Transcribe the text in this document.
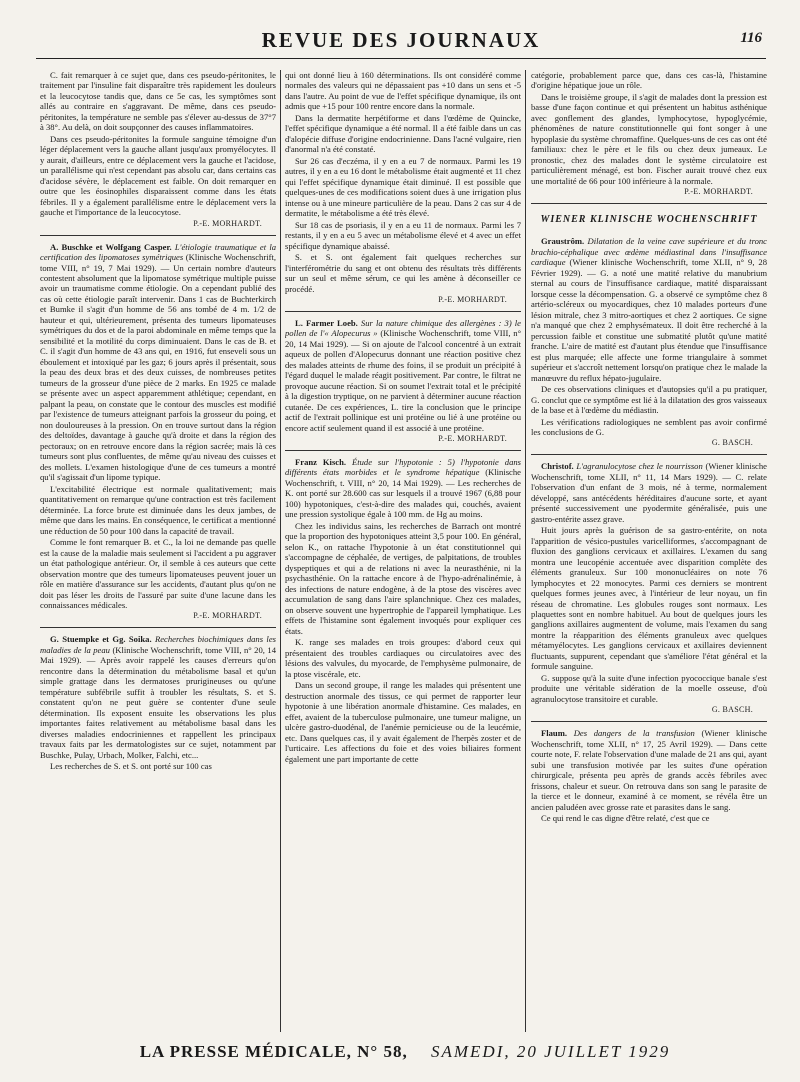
REVUE DES JOURNAUX	116

C. fait remarquer à ce sujet que, dans ces pseudo-péritonites, le traitement par l'insuline fait disparaître très rapidement les douleurs et la leucocytose tandis que, dans ce 5e cas, les symptômes sont allés au contraire en s'aggravant. De même, dans ces pseudo-péritonites, la température ne semble pas s'élever au-dessus de 37°7 à 38°. Au delà, on doit soupçonner des causes inflammatoires.

Dans ces pseudo-péritonites la formule sanguine témoigne d'un léger déplacement vers la gauche allant jusqu'aux promyélocytes. Il y aurait, d'ailleurs, entre ce déplacement vers la gauche et l'acidose, un parallélisme qui n'est cependant pas absolu car, dans certains cas d'acidose sévère, le déplacement est faible. On doit remarquer en outre que les éosinophiles disparaissent comme dans les états fébriles. Il y a également parallélisme entre le déplacement vers la gauche et l'importance de la leucocytose.

P.-E. MORHARDT.

A. Buschke et Wolfgang Casper. L'étiologie traumatique et la certification des lipomatoses symétriques (Klinische Wochenschrift, tome VIII, n° 19, 7 Mai 1929). — Un certain nombre d'auteurs contestent absolument que la lipomatose symétrique multiple puisse avoir un traumatisme comme étiologie. On a cependant publié des cas où cette étiologie paraît intervenir. Dans 1 cas de Buchterkirch et Bumke il s'agit d'un homme de 56 ans tombé de 4 m. 1/2 de hauteur et qui, ultérieurement, présenta des tumeurs lipomateuses symétriques du dos et de la paroi abdominale en même temps que la sensibilité et la motilité du corps diminuaient. Dans le cas de B. et C. il s'agit d'un homme de 43 ans qui, en 1916, fut enseveli sous un éboulement et intoxiqué par les gaz; 6 jours après il présentait, sous la peau des deux bras et des deux cuisses, de nombreuses petites tumeurs de la grosseur d'une pièce de 2 marks. En 1925 ce malade se présente avec un aspect apparemment athlétique; cependant, en palpant la peau, on constate que le contour des muscles est modifié par l'existence de tumeurs atteignant parfois la grosseur du poing, et non douloureuses à la pression. On en trouve surtout dans la région des deltoïdes, davantage à gauche qu'à droite et dans la région des pectoraux; on en retrouve encore dans la région sacrée; mais là ces tumeurs sont plus confluentes, de même qu'au niveau des cuisses et des mollets. L'examen histologique d'une de ces tumeurs a montré qu'il s'agissait d'un lipome typique.

L'excitabilité électrique est normale qualitativement; mais quantitativement on remarque qu'une contraction est très facilement déterminée. La force brute est diminuée dans les deux jambes, de même que dans les mains. En conséquence, le certificat a mentionné une réduction de 50 pour 100 dans la capacité de travail.

Comme le font remarquer B. et C., la loi ne demande pas quelle est la cause de la maladie mais seulement si l'accident a pu aggraver un état pathologique antérieur. Or, il semble à ces auteurs que cette observation montre que des tumeurs lipomateuses peuvent jouer un rôle en matière d'assurance sur les accidents, d'autant plus qu'on ne doit pas léser les droits de l'assuré par suite d'une lacune dans les connaissances médicales.

P.-E. MORHARDT.

G. Stuempke et Gg. Soika. Recherches biochimiques dans les maladies de la peau (Klinische Wochenschrift, tome VIII, n° 20, 14 Mai 1929). — Après avoir rappelé les causes d'erreurs qu'on rencontre dans la détermination du métabolisme basal et qu'un simple grattage dans les dermatoses prurigineuses ou qu'une température subfébrile suffit à troubler les résultats, S. et S. constatent qu'on ne peut guère se contenter d'une seule détermination. Ils exposent ensuite les observations les plus importantes faites relativement au métabolisme basal dans les diverses maladies endocriniennes et rappellent les principaux travaux faits par les dermatologistes sur ce sujet, notamment par Buschke, Pulay, Urbach, Molker, Falchi, etc...

Les recherches de S. et S. ont porté sur 100 cas

qui ont donné lieu à 160 déterminations. Ils ont considéré comme normales des valeurs qui ne dépassaient pas +10 dans un sens et -5 dans l'autre. Au point de vue de l'effet spécifique dynamique, ils ont admis que +15 pour 100 rentre encore dans la normale.

Dans la dermatite herpétiforme et dans l'œdème de Quincke, l'effet spécifique dynamique a été normal. Il a été faible dans un cas d'alopécie diffuse d'origine endocrinienne. Dans l'acné vulgaire, rien d'anormal n'a été constaté.

Sur 26 cas d'eczéma, il y en a eu 7 de normaux. Parmi les 19 autres, il y en a eu 16 dont le métabolisme était augmenté et 11 chez qui l'effet spécifique dynamique était diminué. Il est possible que quelques-unes de ces modifications soient dues à une irrigation plus intense ou à une mineure particulière de la peau. Dans 2 cas sur 4 de dermatite, le métabolisme a été très élevé.

Sur 18 cas de psoriasis, il y en a eu 11 de normaux. Parmi les 7 restants, il y en a eu 5 avec un métabolisme élevé et 4 avec un effet spécifique dynamique abaissé.

S. et S. ont également fait quelques recherches sur l'interférométrie du sang et ont obtenu des résultats très différents sur un seul et même sérum, ce qui les amène à déconseiller ce procédé.

P.-E. MORHARDT.

L. Farmer Loeb. Sur la nature chimique des allergènes : 3) le pollen de l'« Alopecurus » (Klinische Wochenschrift, tome VIII, n° 20, 14 Mai 1929). — Si on ajoute de l'alcool concentré à un extrait aqueux de pollen d'Alopecurus donnant une réaction positive chez des malades atteints de rhume des foins, il se produit un précipité à l'égard duquel le malade réagit positivement. Par contre, le filtrat ne provoque aucune réaction. Si on soumet l'extrait total et le précipité à la digestion tryptique, on ne parvient à déterminer aucune réaction cutanée. De ces expériences, L. tire la conclusion que le principe actif de l'extrait pollinique est uni protéine ou lié à une protéine ou encore actif seulement quand il est associé à une protéine.

P.-E. MORHARDT.

Franz Kisch. Étude sur l'hypotonie : 5) l'hypotonie dans différents états morbides et le syndrome hépatique (Klinische Wochenschrift, t. VIII, n° 20, 14 Mai 1929). — Les recherches de K. ont porté sur 28.600 cas sur lesquels il a trouvé 1967 (6,88 pour 100) hypotoniques, c'est-à-dire des malades qui, couchés, avaient une pression systolique égale à 100 mm. de Hg au moins.

Chez les individus sains, les recherches de Barrach ont montré que la proportion des hypotoniques atteint 3,5 pour 100. En général, selon K., on rattache l'hypotonie à un état constitutionnel qui s'accompagne de céphalée, de vertiges, de palpitations, de troubles dyspeptiques et qui a de relations ni avec la neurasthénie, ni la psychasthénie. On la rattache encore à de l'hypo-adrénalinémie, à des infections de nature endogène, à de la ptose des viscères avec accumulation de sang dans l'aire splanchnique. Chez ces malades, on observe souvent une hypertrophie de l'appareil lymphatique. Les effets de l'histamine sont également invoqués pour expliquer ces états.

K. range ses malades en trois groupes: d'abord ceux qui présentaient des troubles cardiaques ou circulatoires avec des lésions des valvules, du myocarde, de l'emphysème pulmonaire, de la ptose viscérale, etc.

Dans un second groupe, il range les malades qui présentent une destruction anormale des tissus, ce qui permet de rapporter leur hypotonie à une libération anormale d'histamine. Ces malades, en effet, avaient de la tuberculose pulmonaire, une tumeur maligne, un ulcère gastro-duodénal, de l'anémie pernicieuse ou de la leucémie, etc. Dans quelques cas, il y avait également de l'herpès zoster et de l'urticaire. Les affections du foie et des voies biliaires forment également une part importante de cette

catégorie, probablement parce que, dans ces cas-là, l'histamine d'origine hépatique joue un rôle.

Dans le troisième groupe, il s'agit de malades dont la pression est basse d'une façon continue et qui présentent un habitus asthénique avec gonflement des glandes, lymphocytose, hypoglycémie, phénomènes de nature constitutionnelle qui font songer à une hypoplasie du système chromaffine. Quelques-uns de ces cas ont été familiaux: chez le père et le fils ou chez deux jumeaux. Le pronostic, chez des malades dont le système circulatoire est particulièrement ménagé, est bon. Fischer aurait trouvé chez eux une mortalité de 66 pour 100 inférieure à la normale.

P.-E. MORHARDT.
WIENER KLINISCHE WOCHENSCHRIFT

Graustrôm. Dilatation de la veine cave supérieure et du tronc brachio-céphalique avec œdème médiastinal dans l'insuffisance cardiaque (Wiener klinische Wochenschrift, tome XLII, n° 9, 28 Février 1929). — G. a noté une matité relative du manubrium sternal au cours de l'insuffisance cardiaque, matité disparaissant lorsque cesse la décompensation. G. a observé ce symptôme chez 8 artério-scléreux ou myocardiques, chez 10 malades porteurs d'une lésion mitrale, chez 3 mitro-aortiques et chez 2 aortiques. Ce signe n'a manqué que chez 2 emphysémateux. Il doit être recherché à la percussion faible et constitue une submatité plutôt qu'une matité franche. L'aire de matité est d'autant plus étendue que l'insuffisance est plus marquée; elle affecte une forme triangulaire à sommet supérieur et s'accroît nettement lorsqu'on pratique chez le malade la manœuvre du reflux hépato-jugulaire.

De ces observations cliniques et d'autopsies qu'il a pu pratiquer, G. conclut que ce symptôme est lié à la dilatation des gros vaisseaux de la base et à l'œdème du médiastin.

Les vérifications radiologiques ne semblent pas avoir confirmé les conclusions de G.

G. BASCH.

Christof. L'agranulocytose chez le nourrisson (Wiener klinische Wochenschrift, tome XLII, n° 11, 14 Mars 1929). — C. relate l'observation d'un enfant de 3 mois, né à terme, normalement développé, sans antécédents héréditaires d'aucune sorte, et ayant présenté successivement une pyodermite généralisée, puis une gastro-entérite assez grave.

Huit jours après la guérison de sa gastro-entérite, on nota l'apparition de vésico-pustules varicelliformes, s'accompagnant de fluxion des ganglions cervicaux et axillaires. L'examen du sang montra une leucopénie accentuée avec disparition complète des éléments granuleux. Sur 100 mononucléaires on note 76 lymphocytes et 22 monocytes. Parmi ces derniers se montrent quelques formes jeunes avec, à l'intérieur de leur noyau, un fin réseau de chromatine. Les globules rouges sont normaux. Les plaquettes sont en nombre habituel. Au bout de quelques jours les ganglions axillaires augmentent de volume, mais l'examen du sang montre la réapparition des éléments granuleux avec quelques métamyélocytes. Les ganglions cervicaux et axillaires deviennent fluctuants, suppurent, cependant que s'améliore l'état général et la formule sanguine.

G. suppose qu'à la suite d'une infection pyococcique banale s'est produite une véritable sidération de la moelle osseuse, d'où agranulocytose transitoire et curable.

G. BASCH.

Flaum. Des dangers de la transfusion (Wiener klinische Wochenschrift, tome XLII, n° 17, 25 Avril 1929). — Dans cette courte note, F. relate l'observation d'une malade de 21 ans qui, ayant subi une transfusion motivée par les suites d'une opération chirurgicale, présenta peu après de grands accès fébriles avec frissons, chaleur et sueur. On retrouva dans son sang le parasite de la tierce et le donneur, examiné à ce moment, se révéla être un ancien paludéen avec grosse rate et parasites dans le sang.

Ce qui rend le cas digne d'être relaté, c'est que ce

LA PRESSE MÉDICALE, N° 58, SAMEDI, 20 JUILLET 1929
